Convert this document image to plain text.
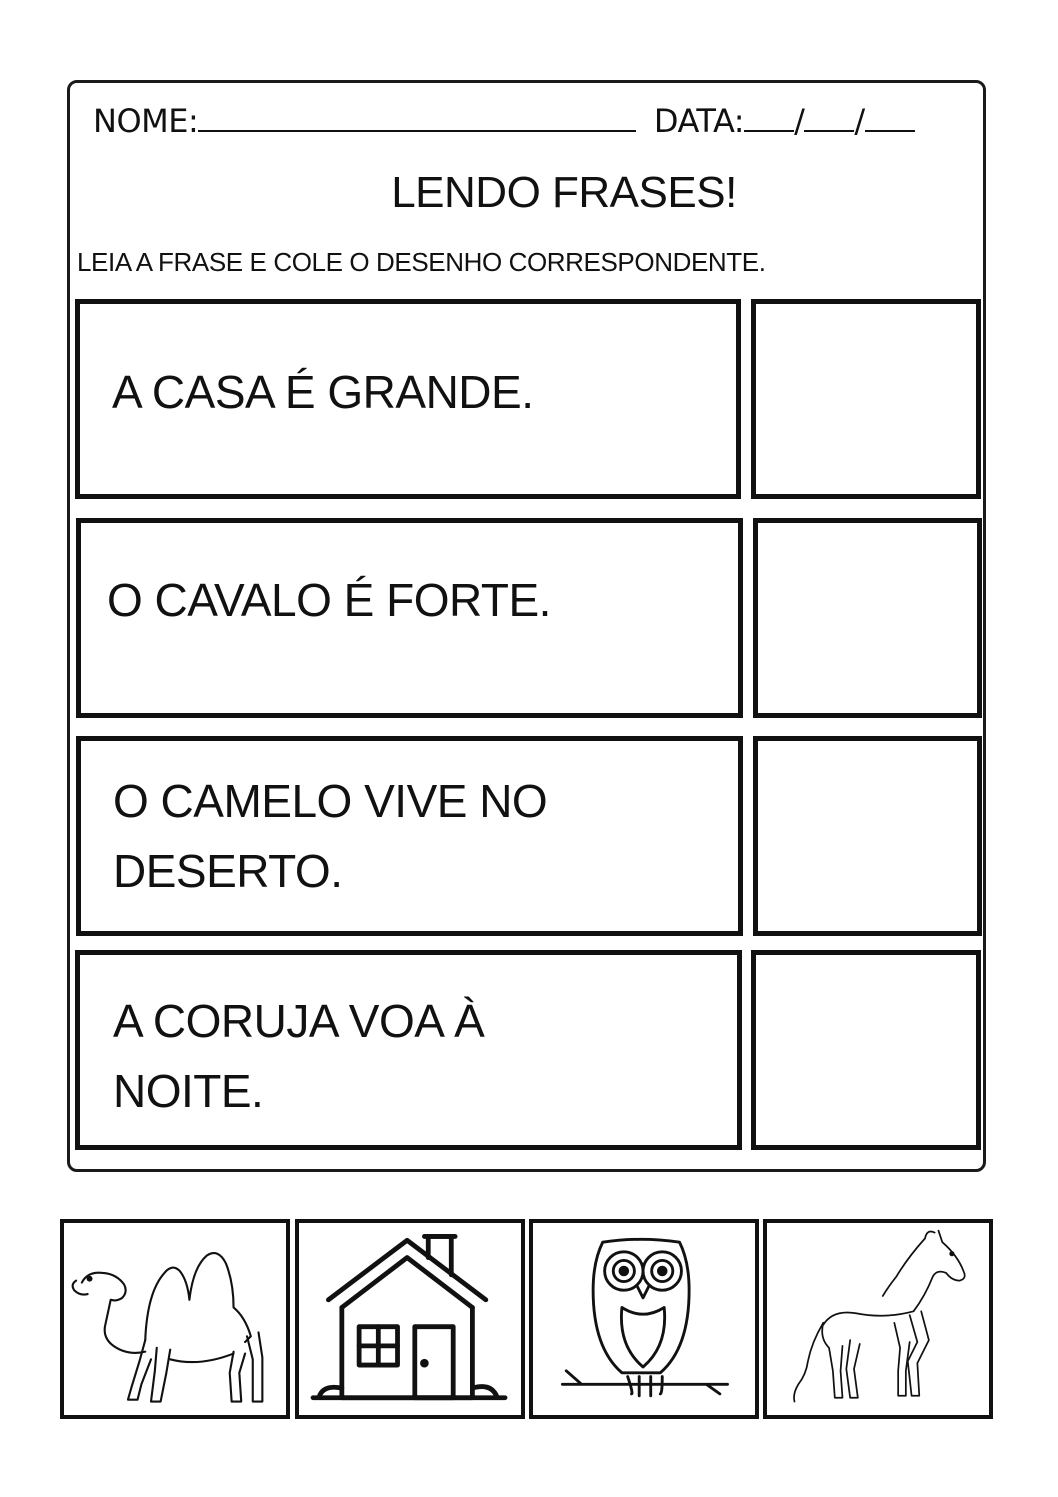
NOME:	DATA: / /
LENDO FRASES!
LEIA A FRASE E COLE O DESENHO CORRESPONDENTE.
A CASA É GRANDE.
O CAVALO É FORTE.
O CAMELO VIVE NO
DESERTO.
A CORUJA VOA À
NOITE.
